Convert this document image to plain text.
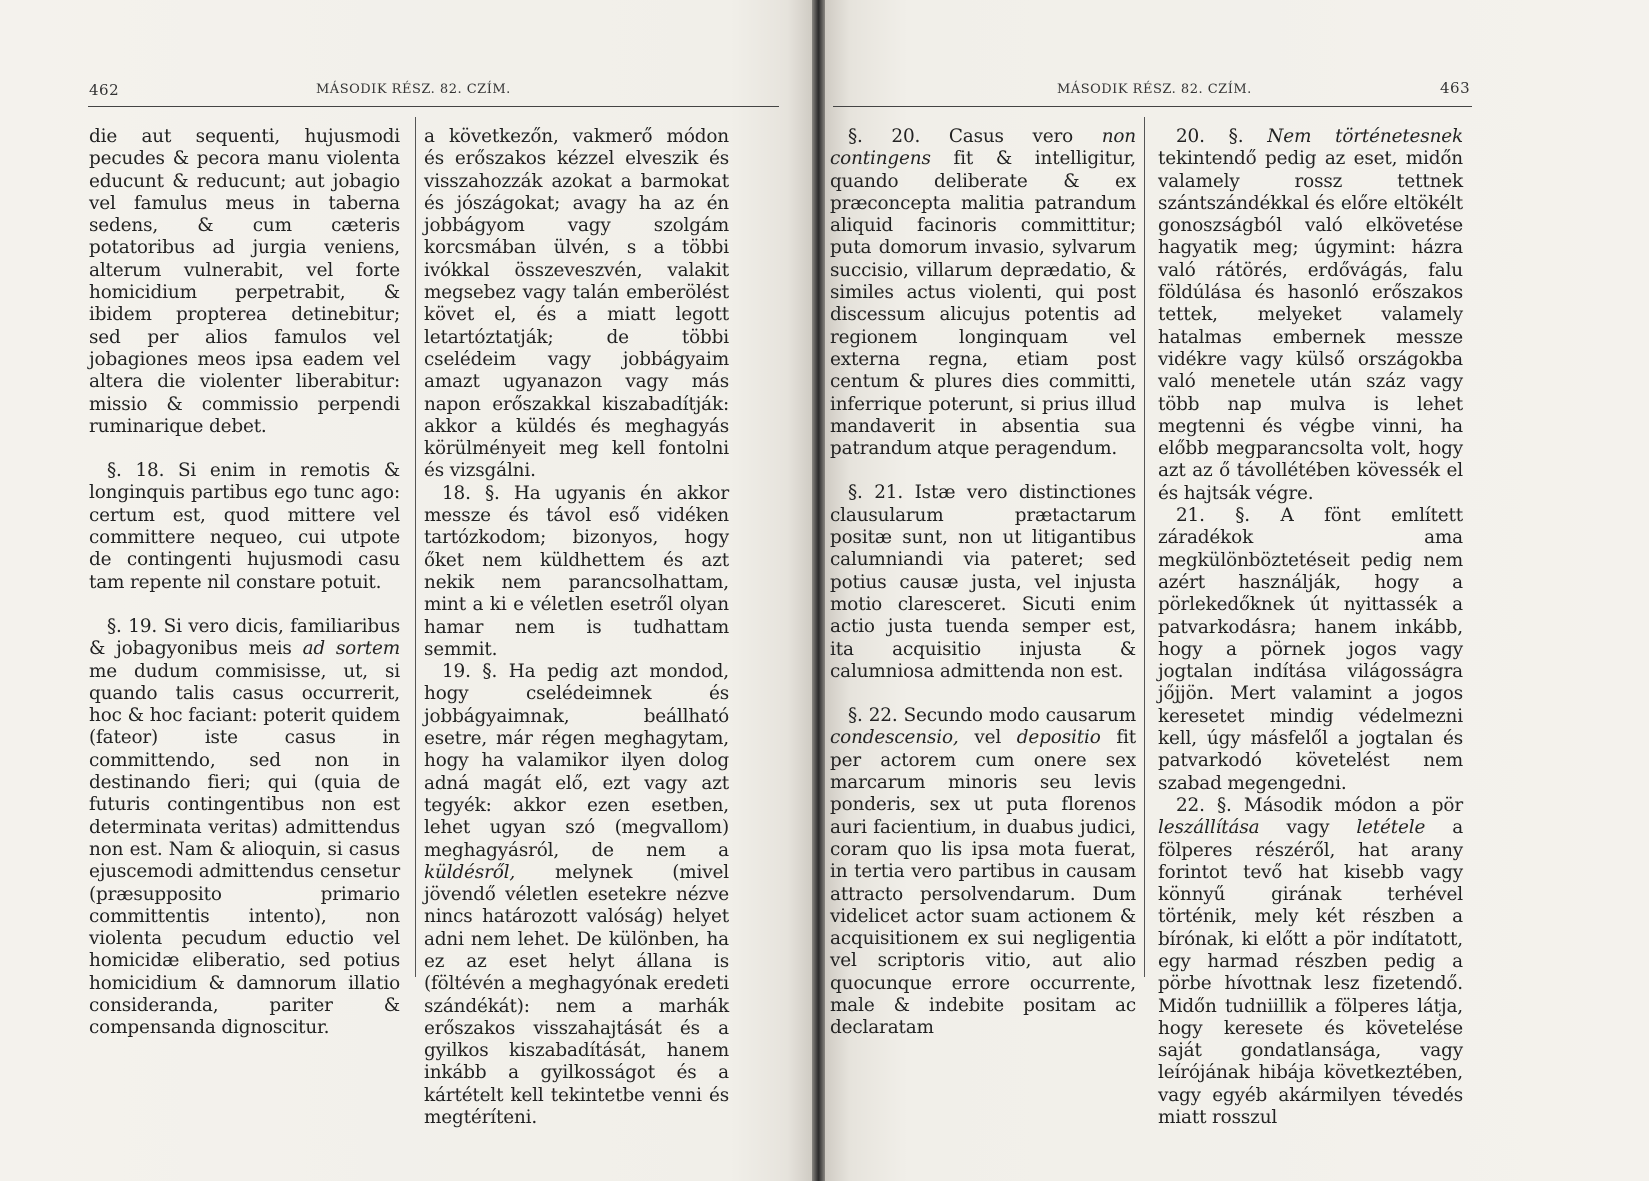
462	MÁSODIK RÉSZ. 82. CZÍM.

die aut sequenti, hujusmodi pecudes & pecora manu violenta educunt & reducunt; aut jobagio vel famulus meus in taberna sedens, & cum cæteris potatoribus ad jurgia veniens, alterum vulnerabit, vel forte homicidium perpetrabit, & ibidem propterea detinebitur; sed per alios famulos vel jobagiones meos ipsa eadem vel altera die violenter liberabitur: missio & commissio perpendi ruminarique debet.

§. 18. Si enim in remotis & longinquis partibus ego tunc ago: certum est, quod mittere vel committere nequeo, cui utpote de contingenti hujusmodi casu tam repente nil constare potuit.

§. 19. Si vero dicis, familiaribus & jobagyonibus meis ad sortem me dudum commisisse, ut, si quando talis casus occurrerit, hoc & hoc faciant: poterit quidem (fateor) iste casus in committendo, sed non in destinando fieri; qui (quia de futuris contingentibus non est determinata veritas) admittendus non est. Nam & alioquin, si casus ejuscemodi admittendus censetur (præsupposito primario committentis intento), non violenta pecudum eductio vel homicidæ eliberatio, sed potius homicidium & damnorum illatio consideranda, pariter & compensanda dignoscitur.

a következőn, vakmerő módon és erőszakos kézzel elveszik és visszahozzák azokat a barmokat és jószágokat; avagy ha az én jobbágyom vagy szolgám korcsmában ülvén, s a többi ivókkal összeveszvén, valakit megsebez vagy talán emberölést követ el, és a miatt legott letartóztatják; de többi cselédeim vagy jobbágyaim amazt ugyanazon vagy más napon erőszakkal kiszabadítják: akkor a küldés és meghagyás körülményeit meg kell fontolni és vizsgálni.

18. §. Ha ugyanis én akkor messze és távol eső vidéken tartózkodom; bizonyos, hogy őket nem küldhettem és azt nekik nem parancsolhattam, mint a ki e véletlen esetről olyan hamar nem is tudhattam semmit.

19. §. Ha pedig azt mondod, hogy cselédeimnek és jobbágyaimnak, beállható esetre, már régen meghagytam, hogy ha valamikor ilyen dolog adná magát elő, ezt vagy azt tegyék: akkor ezen esetben, lehet ugyan szó (megvallom) meghagyásról, de nem a küldésről, melynek (mivel jövendő véletlen esetekre nézve nincs határozott valóság) helyet adni nem lehet. De különben, ha ez az eset helyt állana is (föltévén a meghagyónak eredeti szándékát): nem a marhák erőszakos visszahajtását és a gyilkos kiszabadítását, hanem inkább a gyilkosságot és a kártételt kell tekintetbe venni és megtéríteni.

MÁSODIK RÉSZ. 82. CZÍM.	463

§. 20. Casus vero non contingens fit & intelligitur, quando deliberate & ex præconcepta malitia patrandum aliquid facinoris committitur; puta domorum invasio, sylvarum succisio, villarum deprædatio, & similes actus violenti, qui post discessum alicujus potentis ad regionem longinquam vel externa regna, etiam post centum & plures dies committi, inferrique poterunt, si prius illud mandaverit in absentia sua patrandum atque peragendum.

§. 21. Istæ vero distinctiones clausularum prætactarum positæ sunt, non ut litigantibus calumniandi via pateret; sed potius causæ justa, vel injusta motio claresceret. Sicuti enim actio justa tuenda semper est, ita acquisitio injusta & calumniosa admittenda non est.

§. 22. Secundo modo causarum condescensio, vel depositio fit per actorem cum onere sex marcarum minoris seu levis ponderis, sex ut puta florenos auri facientium, in duabus judici, coram quo lis ipsa mota fuerat, in tertia vero partibus in causam attracto persolvendarum. Dum videlicet actor suam actionem & acquisitionem ex sui negligentia vel scriptoris vitio, aut alio quocunque errore occurrente, male & indebite positam ac declaratam

20. §. Nem történetesnek tekintendő pedig az eset, midőn valamely rossz tettnek szántszándékkal és előre eltökélt gonoszságból való elkövetése hagyatik meg; úgymint: házra való rátörés, erdővágás, falu földúlása és hasonló erőszakos tettek, melyeket valamely hatalmas embernek messze vidékre vagy külső országokba való menetele után száz vagy több nap mulva is lehet megtenni és végbe vinni, ha előbb megparancsolta volt, hogy azt az ő távollétében kövessék el és hajtsák végre.

21. §. A fönt említett záradékok ama megkülönböztetéseit pedig nem azért használják, hogy a pörlekedőknek út nyittassék a patvarkodásra; hanem inkább, hogy a pörnek jogos vagy jogtalan indítása világosságra jőjjön. Mert valamint a jogos keresetet mindig védelmezni kell, úgy másfelől a jogtalan és patvarkodó követelést nem szabad megengedni.

22. §. Második módon a pör leszállítása vagy letétele a fölperes részéről, hat arany forintot tevő hat kisebb vagy könnyű girának terhével történik, mely két részben a bírónak, ki előtt a pör indítatott, egy harmad részben pedig a pörbe hívottnak lesz fizetendő. Midőn tudniillik a fölperes látja, hogy keresete és követelése saját gondatlansága, vagy leírójának hibája következtében, vagy egyéb akármilyen tévedés miatt rosszul
